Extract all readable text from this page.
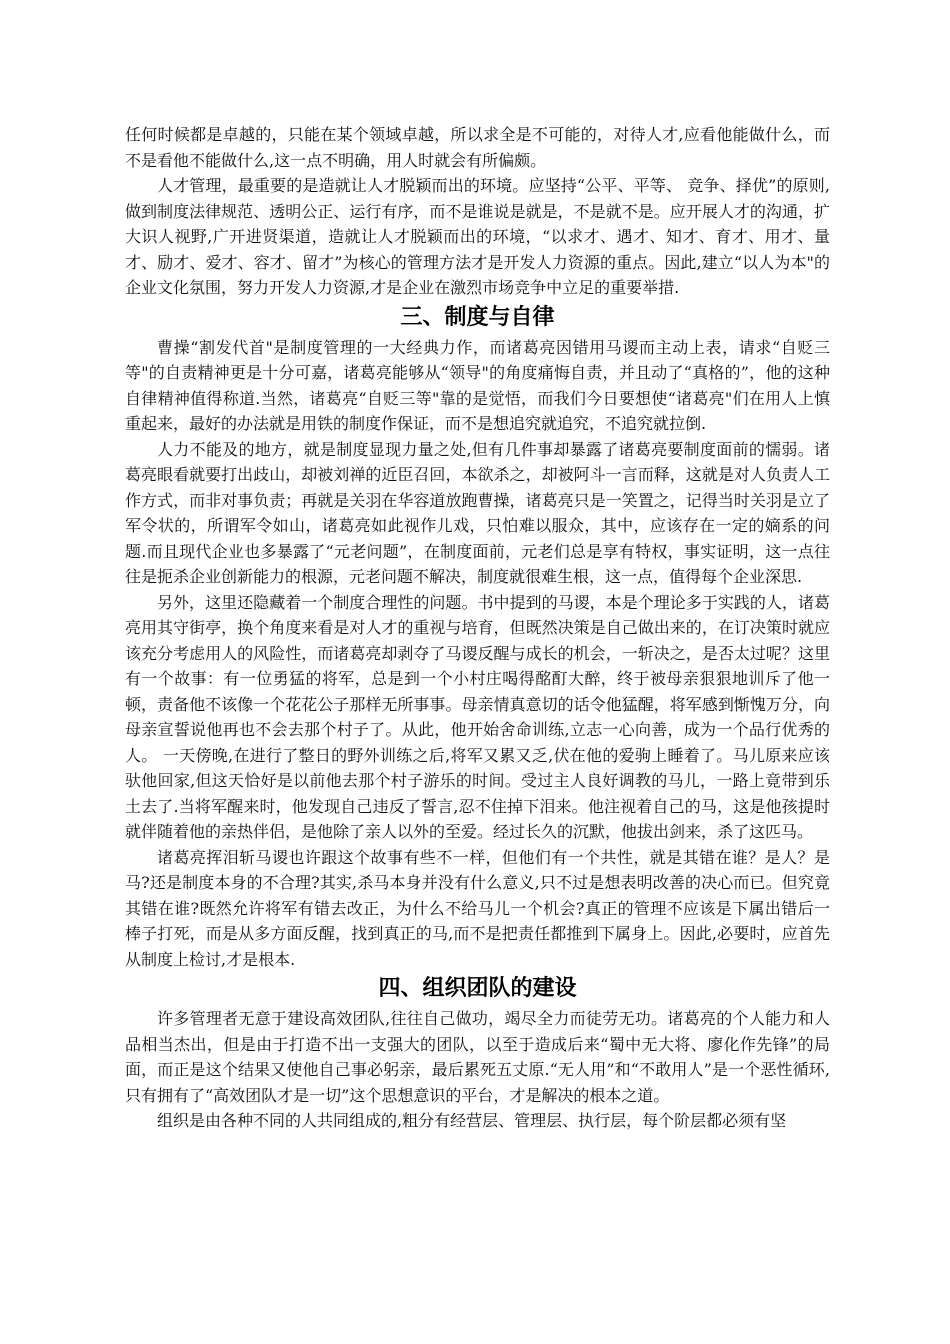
任何时候都是卓越的，只能在某个领域卓越，所以求全是不可能的，对待人才,应看他能做什么，而不是看他不能做什么,这一点不明确，用人时就会有所偏颇。

人才管理，最重要的是造就让人才脱颖而出的环境。应坚持“公平、平等、 竞争、择优”的原则,做到制度法律规范、透明公正、运行有序，而不是谁说是就是，不是就不是。应开展人才的沟通，扩大识人视野,广开进贤渠道，造就让人才脱颖而出的环境，“以求才、遇才、知才、育才、用才、量才、励才、爱才、容才、留才”为核心的管理方法才是开发人力资源的重点。因此,建立“以人为本"的企业文化氛围，努力开发人力资源,才是企业在激烈市场竞争中立足的重要举措.

三、制度与自律

曹操“割发代首"是制度管理的一大经典力作，而诸葛亮因错用马谡而主动上表，请求“自贬三等"的自责精神更是十分可嘉，诸葛亮能够从“领导"的角度痛悔自责，并且动了“真格的”，他的这种自律精神值得称道.当然，诸葛亮“自贬三等"靠的是觉悟，而我们今日要想使“诸葛亮"们在用人上慎重起来，最好的办法就是用铁的制度作保证，而不是想追究就追究，不追究就拉倒.

人力不能及的地方，就是制度显现力量之处,但有几件事却暴露了诸葛亮要制度面前的懦弱。诸葛亮眼看就要打出歧山，却被刘禅的近臣召回，本欲杀之，却被阿斗一言而释，这就是对人负责人工作方式，而非对事负责；再就是关羽在华容道放跑曹操，诸葛亮只是一笑置之，记得当时关羽是立了军令状的，所谓军令如山，诸葛亮如此视作儿戏，只怕难以服众，其中，应该存在一定的嫡系的问题.而且现代企业也多暴露了“元老问题”，在制度面前，元老们总是享有特权，事实证明，这一点往往是扼杀企业创新能力的根源，元老问题不解决，制度就很难生根，这一点，值得每个企业深思.

另外，这里还隐藏着一个制度合理性的问题。书中提到的马谡，本是个理论多于实践的人，诸葛亮用其守街亭，换个角度来看是对人才的重视与培育，但既然决策是自己做出来的，在订决策时就应该充分考虑用人的风险性，而诸葛亮却剥夺了马谡反醒与成长的机会，一斩决之，是否太过呢？这里有一个故事：有一位勇猛的将军，总是到一个小村庄喝得酩酊大醉，终于被母亲狠狠地训斥了他一顿，责备他不该像一个花花公子那样无所事事。母亲情真意切的话令他猛醒，将军感到惭愧万分，向母亲宣誓说他再也不会去那个村子了。从此，他开始舍命训练,立志一心向善，成为一个品行优秀的人。 一天傍晚,在进行了整日的野外训练之后,将军又累又乏,伏在他的爱驹上睡着了。马儿原来应该驮他回家,但这天恰好是以前他去那个村子游乐的时间。受过主人良好调教的马儿，一路上竟带到乐土去了.当将军醒来时，他发现自己违反了誓言,忍不住掉下泪来。他注视着自己的马，这是他孩提时就伴随着他的亲热伴侣，是他除了亲人以外的至爱。经过长久的沉默，他拔出剑来，杀了这匹马。

诸葛亮挥泪斩马谡也许跟这个故事有些不一样，但他们有一个共性，就是其错在谁？是人？是马?还是制度本身的不合理?其实,杀马本身并没有什么意义,只不过是想表明改善的决心而已。但究竟其错在谁?既然允许将军有错去改正，为什么不给马儿一个机会?真正的管理不应该是下属出错后一棒子打死，而是从多方面反醒，找到真正的马,而不是把责任都推到下属身上。因此,必要时，应首先从制度上检讨,才是根本.

四、组织团队的建设

许多管理者无意于建设高效团队,往往自己做功，竭尽全力而徒劳无功。诸葛亮的个人能力和人品相当杰出，但是由于打造不出一支强大的团队，以至于造成后来“蜀中无大将、廖化作先锋”的局面，而正是这个结果又使他自己事必躬亲，最后累死五丈原.“无人用”和“不敢用人”是一个恶性循环,只有拥有了“高效团队才是一切”这个思想意识的平台，才是解决的根本之道。

组织是由各种不同的人共同组成的,粗分有经营层、管理层、执行层，每个阶层都必须有坚
